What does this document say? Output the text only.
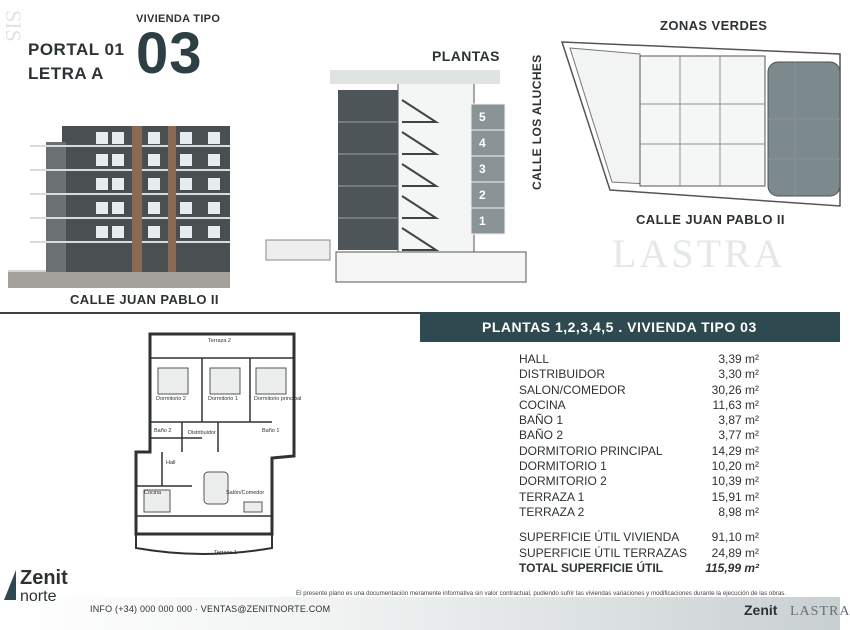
SIS
PORTAL 01
LETRA A
VIVIENDA TIPO
03
CALLE JUAN PABLO II
PLANTAS
5
4
3
2
1
ZONAS VERDES
CALLE LOS ALUCHES
CALLE JUAN PABLO II
LASTRA
PLANTAS 1,2,3,4,5 . VIVIENDA TIPO 03
Terraza 2
Dormitorio 2	Dormitorio 1	Dormitorio principal
Baño 2	Distribuidor	Baño 1
Hall
Cocina	Salón/Comedor
Terraza 1
HALL	3,39 m²
DISTRIBUIDOR	3,30 m²
SALON/COMEDOR	30,26 m²
COCINA	11,63 m²
BAÑO 1	3,87 m²
BAÑO 2	3,77 m²
DORMITORIO PRINCIPAL	14,29 m²
DORMITORIO 1	10,20 m²
DORMITORIO 2	10,39 m²
TERRAZA 1	15,91 m²
TERRAZA 2	8,98 m²
SUPERFICIE ÚTIL VIVIENDA	91,10 m²
SUPERFICIE ÚTIL TERRAZAS 24,89 m²
TOTAL SUPERFICIE ÚTIL	115,99 m²
El presente plano es una documentación meramente informativa sin valor contractual, pudiendo sufrir las viviendas variaciones y modificaciones durante la ejecución de las obras.
Zenit
norte
INFO (+34) 000 000 000 · VENTAS@ZENITNORTE.COM	Zenit LASTRA
